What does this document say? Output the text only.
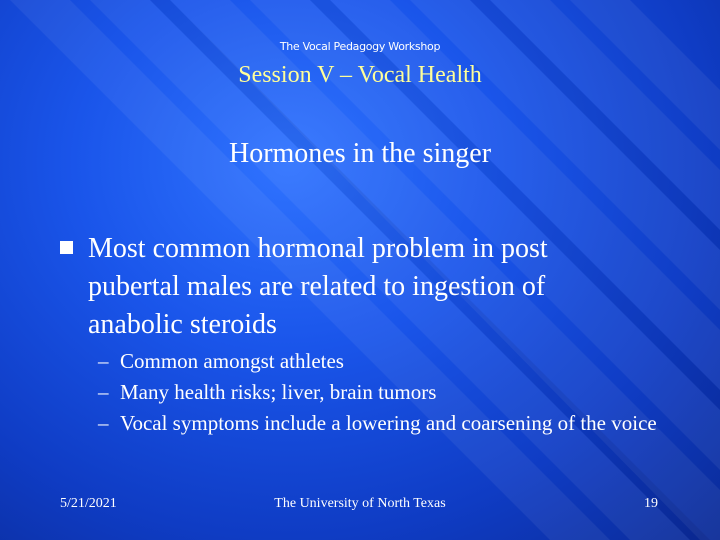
The Vocal Pedagogy Workshop
Session V – Vocal Health
Hormones in the singer
Most common hormonal problem in post pubertal males are related to ingestion of anabolic steroids
– Common amongst athletes
– Many health risks; liver, brain tumors
– Vocal symptoms include a lowering and coarsening of the voice
5/21/2021	The University of North Texas	19
